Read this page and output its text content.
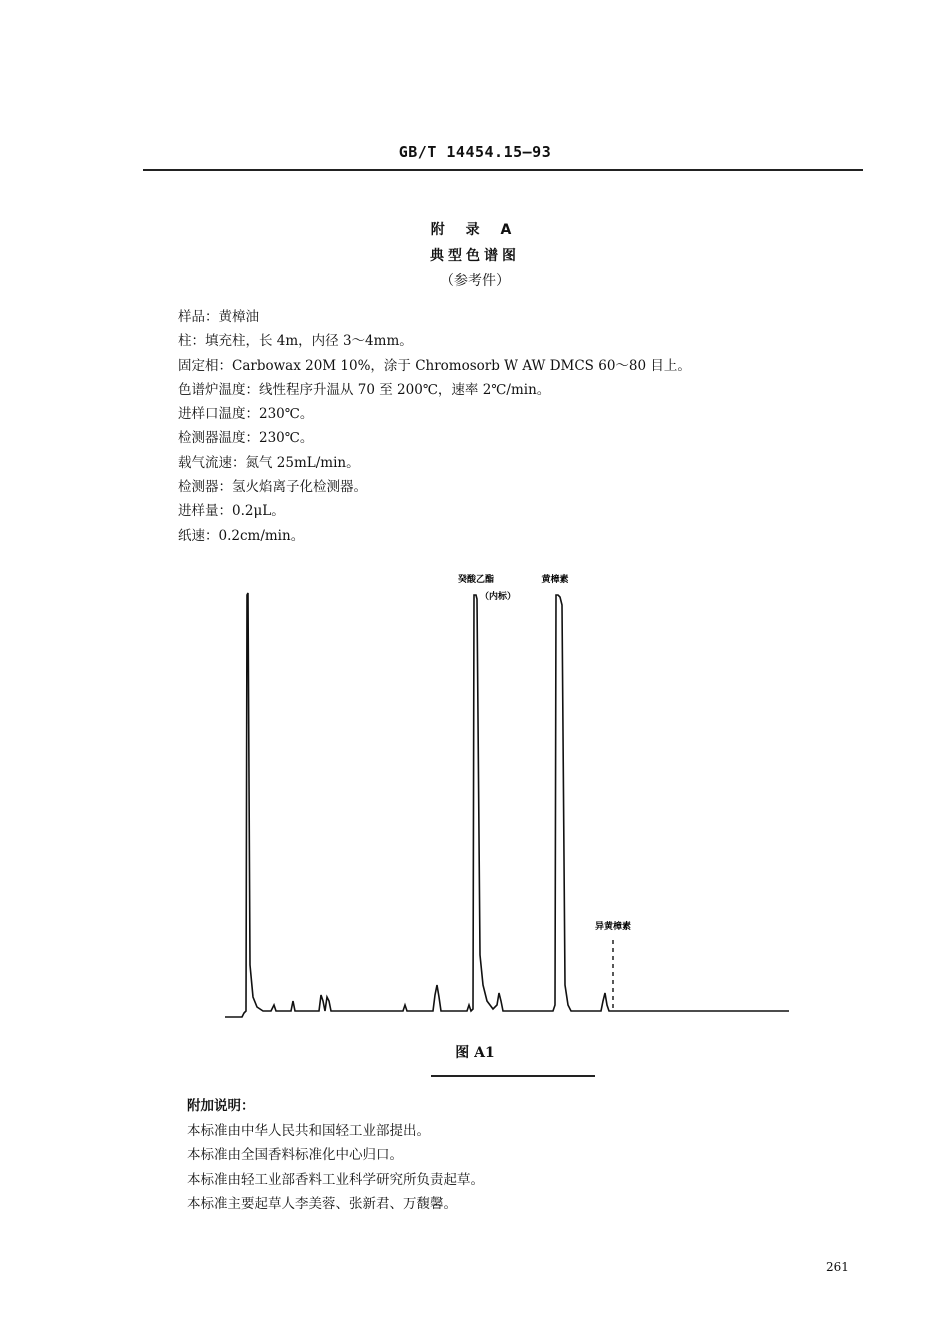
GB/T 14454.15—93
附 录 A
典型色谱图
（参考件）
样品：黄樟油
柱：填充柱，长 4m，内径 3～4mm。
固定相：Carbowax 20M 10%，涂于 Chromosorb W AW DMCS 60～80 目上。
色谱炉温度：线性程序升温从 70 至 200℃，速率 2℃/min。
进样口温度：230℃。
检测器温度：230℃。
载气流速：氮气 25mL/min。
检测器：氢火焰离子化检测器。
进样量：0.2μL。
纸速：0.2cm/min。
癸酸乙酯
（内标）
黄樟素
异黄樟素
图 A1
附加说明：
本标准由中华人民共和国轻工业部提出。
本标准由全国香料标准化中心归口。
本标准由轻工业部香料工业科学研究所负责起草。
本标准主要起草人李美蓉、张新君、万馥馨。
261
